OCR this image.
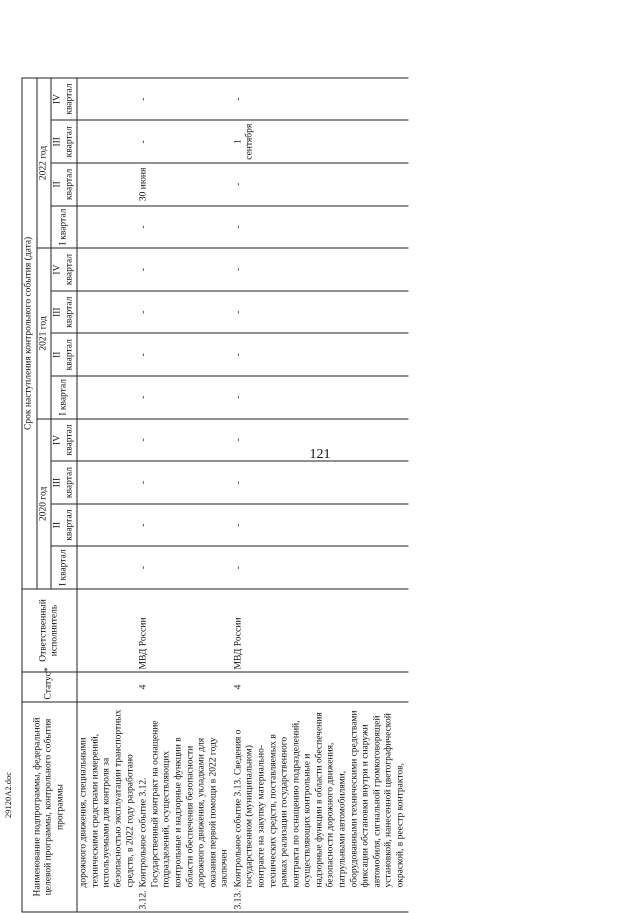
121
Наименование подпрограммы, федеральной целевой программы, контрольного события программы	Статус*	Ответственный исполнитель	Срок наступления контрольного события (дата)											
			2020 год				2021 год				2022 год			
			I квартал	II квартал	III квартал	IV квартал	I квартал	II квартал	III квартал	IV квартал	I квартал	II квартал	III квартал	IV квартал
дорожного движения, специальными техническими средствами измерений, используемыми для контроля за безопасностью эксплуатации транспортных средств, в 2022 году разработано														
3.12.Контрольное событие 3.12. Государственный контракт на оснащение подразделений, осуществляющих контрольные и надзорные функции в области обеспечения безопасности дорожного движения, укладками для оказания первой помощи в 2022 году заключен	4	МВД России	-	-	-	-	-	-	-	-	-	30 июня	-	-
3.13.Контрольное событие 3.13. Сведения о государственном (муниципальном) контракте на закупку материально-технических средств, поставляемых в рамках реализации государственного контракта по оснащению подразделений, осуществляющих контрольные и надзорные функции в области обеспечения безопасности дорожного движения, патрульными автомобилями, оборудованными техническими средствами фиксации обстановки внутри и снаружи автомобиля, сигнальной громкоговорящей установкой, нанесенной цветографической окраской, в реестр контрактов,	4	МВД России	-	-	-	-	-	-	-	-	-	-	1 сентября	-
29120А2.doc
